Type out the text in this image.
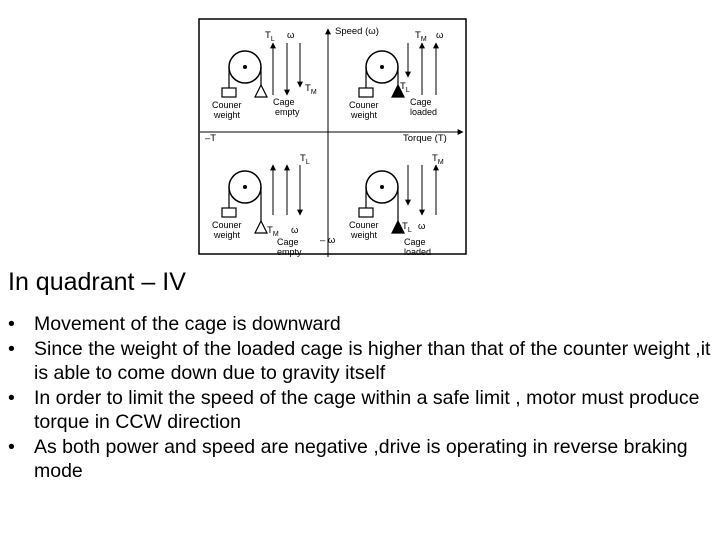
Speed (ω)
– ω
Torque (T)
–T
$T_L$ ω
$T_M$
Couner
weight
Cage
empty
$T_M$ ω
$T_L$
Couner
weight
Cage
loaded
$T_L$
$T_M$ ω
Couner
weight
Cage
empty
$T_M$
$T_L$ ω
Couner
weight
Cage
loaded
In quadrant – IV
• Movement of the cage is downward
• Since the weight of the loaded cage is higher than that of the counter weight ,it is able to come down due to gravity itself
• In order to limit the speed of the cage within a safe limit , motor must produce torque in CCW direction
• As both power and speed are negative ,drive is operating in reverse braking mode
